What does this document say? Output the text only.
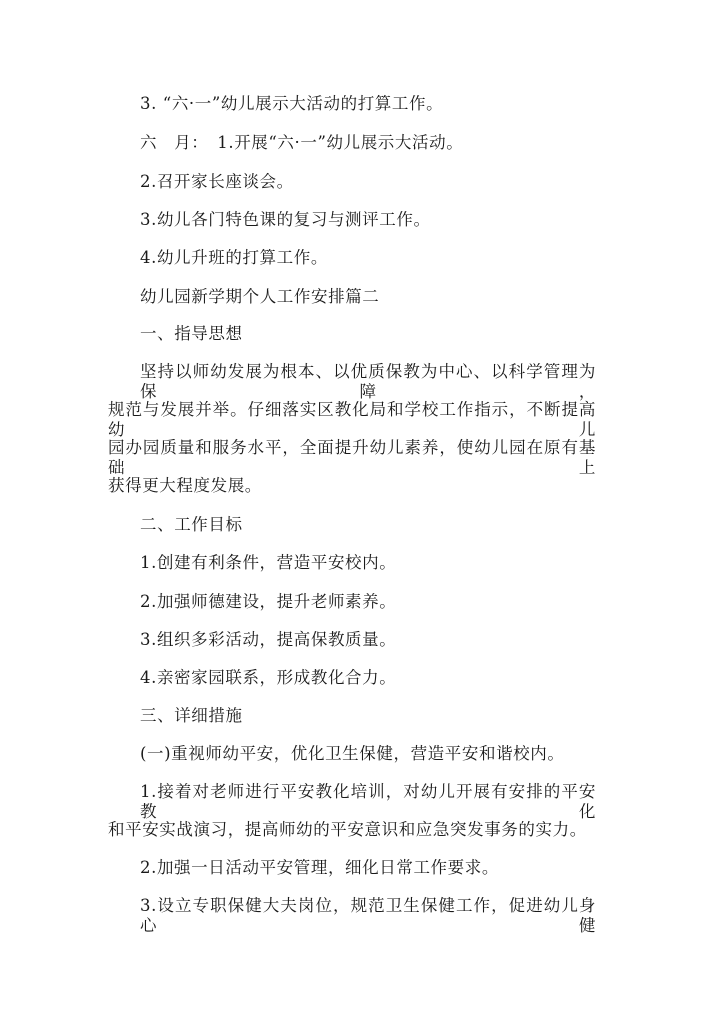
3. “六·一”幼儿展示大活动的打算工作。
六　月：　1.开展“六·一”幼儿展示大活动。
2.召开家长座谈会。
3.幼儿各门特色课的复习与测评工作。
4.幼儿升班的打算工作。
幼儿园新学期个人工作安排篇二
一、指导思想
坚持以师幼发展为根本、以优质保教为中心、以科学管理为保障，
规范与发展并举。仔细落实区教化局和学校工作指示，不断提高幼儿
园办园质量和服务水平，全面提升幼儿素养，使幼儿园在原有基础上
获得更大程度发展。
二、工作目标
1.创建有利条件，营造平安校内。
2.加强师德建设，提升老师素养。
3.组织多彩活动，提高保教质量。
4.亲密家园联系，形成教化合力。
三、详细措施
(一)重视师幼平安，优化卫生保健，营造平安和谐校内。
1.接着对老师进行平安教化培训，对幼儿开展有安排的平安教化
和平安实战演习，提高师幼的平安意识和应急突发事务的实力。
2.加强一日活动平安管理，细化日常工作要求。
3.设立专职保健大夫岗位，规范卫生保健工作，促进幼儿身心健
